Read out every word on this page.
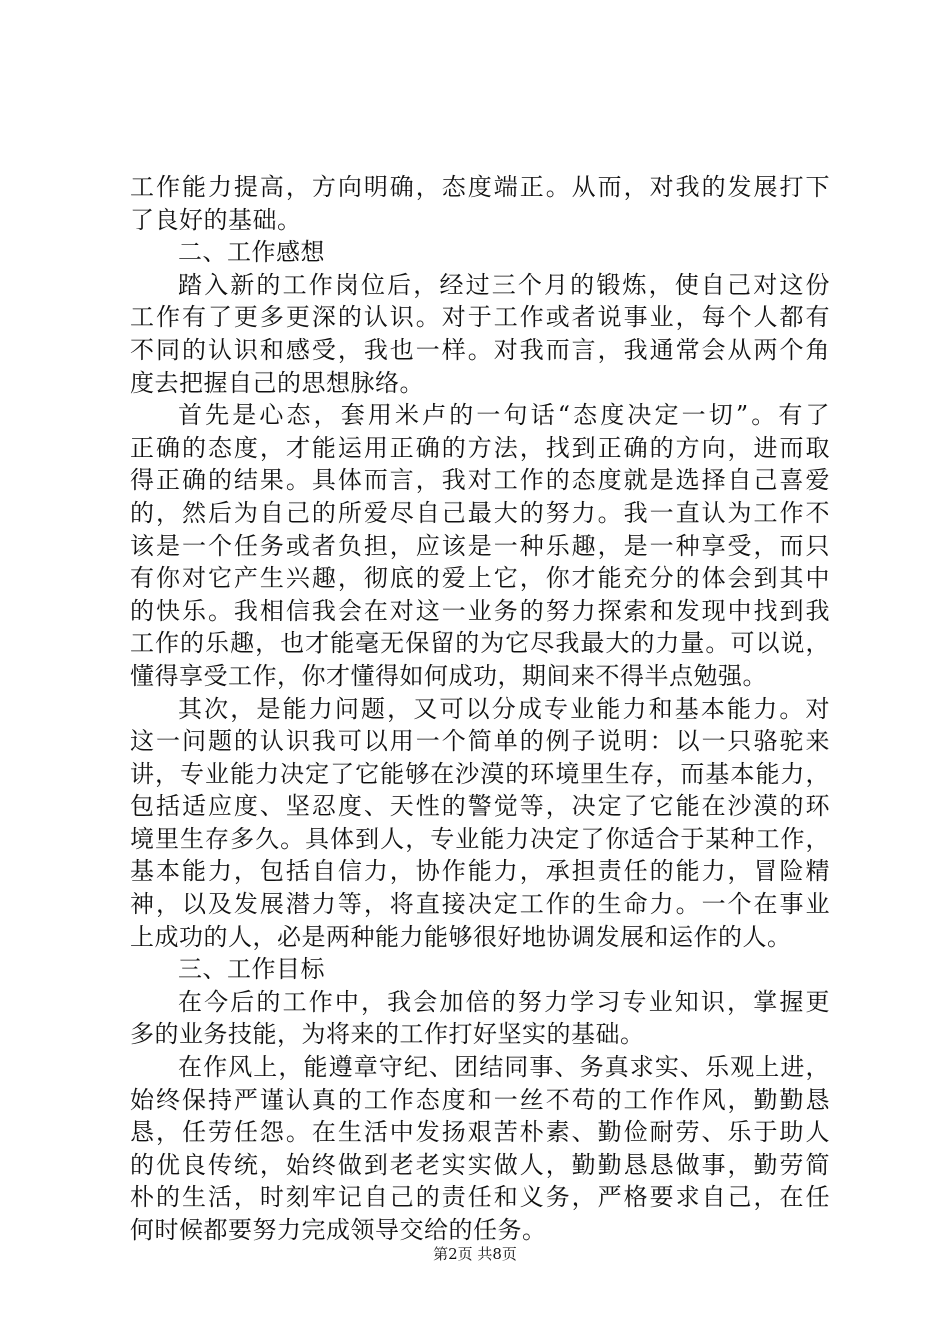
工作能力提高，方向明确，态度端正。从而，对我的发展打下
了良好的基础。
二、工作感想
踏入新的工作岗位后，经过三个月的锻炼，使自己对这份
工作有了更多更深的认识。对于工作或者说事业，每个人都有
不同的认识和感受，我也一样。对我而言，我通常会从两个角
度去把握自己的思想脉络。
首先是心态，套用米卢的一句话“态度决定一切”。有了
正确的态度，才能运用正确的方法，找到正确的方向，进而取
得正确的结果。具体而言，我对工作的态度就是选择自己喜爱
的，然后为自己的所爱尽自己最大的努力。我一直认为工作不
该是一个任务或者负担，应该是一种乐趣，是一种享受，而只
有你对它产生兴趣，彻底的爱上它，你才能充分的体会到其中
的快乐。我相信我会在对这一业务的努力探索和发现中找到我
工作的乐趣，也才能毫无保留的为它尽我最大的力量。可以说，
懂得享受工作，你才懂得如何成功，期间来不得半点勉强。
其次，是能力问题，又可以分成专业能力和基本能力。对
这一问题的认识我可以用一个简单的例子说明：以一只骆驼来
讲，专业能力决定了它能够在沙漠的环境里生存，而基本能力，
包括适应度、坚忍度、天性的警觉等，决定了它能在沙漠的环
境里生存多久。具体到人，专业能力决定了你适合于某种工作，
基本能力，包括自信力，协作能力，承担责任的能力，冒险精
神，以及发展潜力等，将直接决定工作的生命力。一个在事业
上成功的人，必是两种能力能够很好地协调发展和运作的人。
三、工作目标
在今后的工作中，我会加倍的努力学习专业知识，掌握更
多的业务技能，为将来的工作打好坚实的基础。
在作风上，能遵章守纪、团结同事、务真求实、乐观上进，
始终保持严谨认真的工作态度和一丝不苟的工作作风，勤勤恳
恳，任劳任怨。在生活中发扬艰苦朴素、勤俭耐劳、乐于助人
的优良传统，始终做到老老实实做人，勤勤恳恳做事，勤劳简
朴的生活，时刻牢记自己的责任和义务，严格要求自己，在任
何时候都要努力完成领导交给的任务。
第2页 共8页
